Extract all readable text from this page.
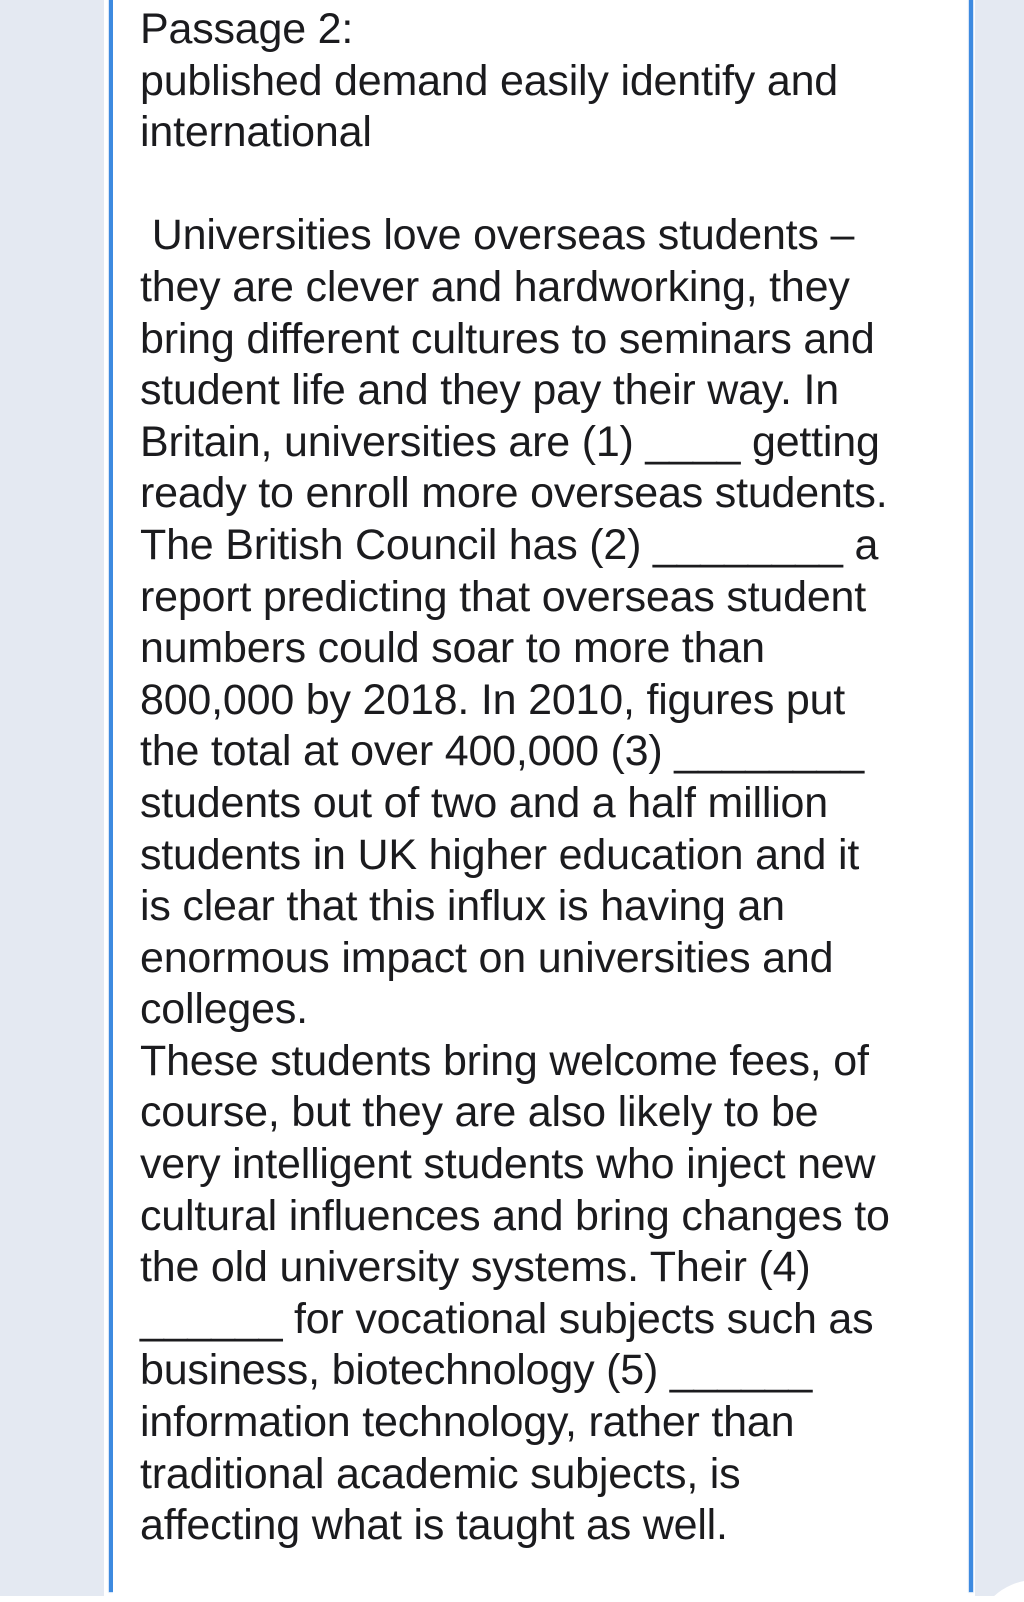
Passage 2:
published demand easily identify and
international
Universities love overseas students –
they are clever and hardworking, they
bring different cultures to seminars and
student life and they pay their way. In
Britain, universities are (1) ____ getting
ready to enroll more overseas students.
The British Council has (2) ________ a
report predicting that overseas student
numbers could soar to more than
800,000 by 2018. In 2010, figures put
the total at over 400,000 (3) ________
students out of two and a half million
students in UK higher education and it
is clear that this influx is having an
enormous impact on universities and
colleges.
These students bring welcome fees, of
course, but they are also likely to be
very intelligent students who inject new
cultural influences and bring changes to
the old university systems. Their (4)
______ for vocational subjects such as
business, biotechnology (5) ______
information technology, rather than
traditional academic subjects, is
affecting what is taught as well.
